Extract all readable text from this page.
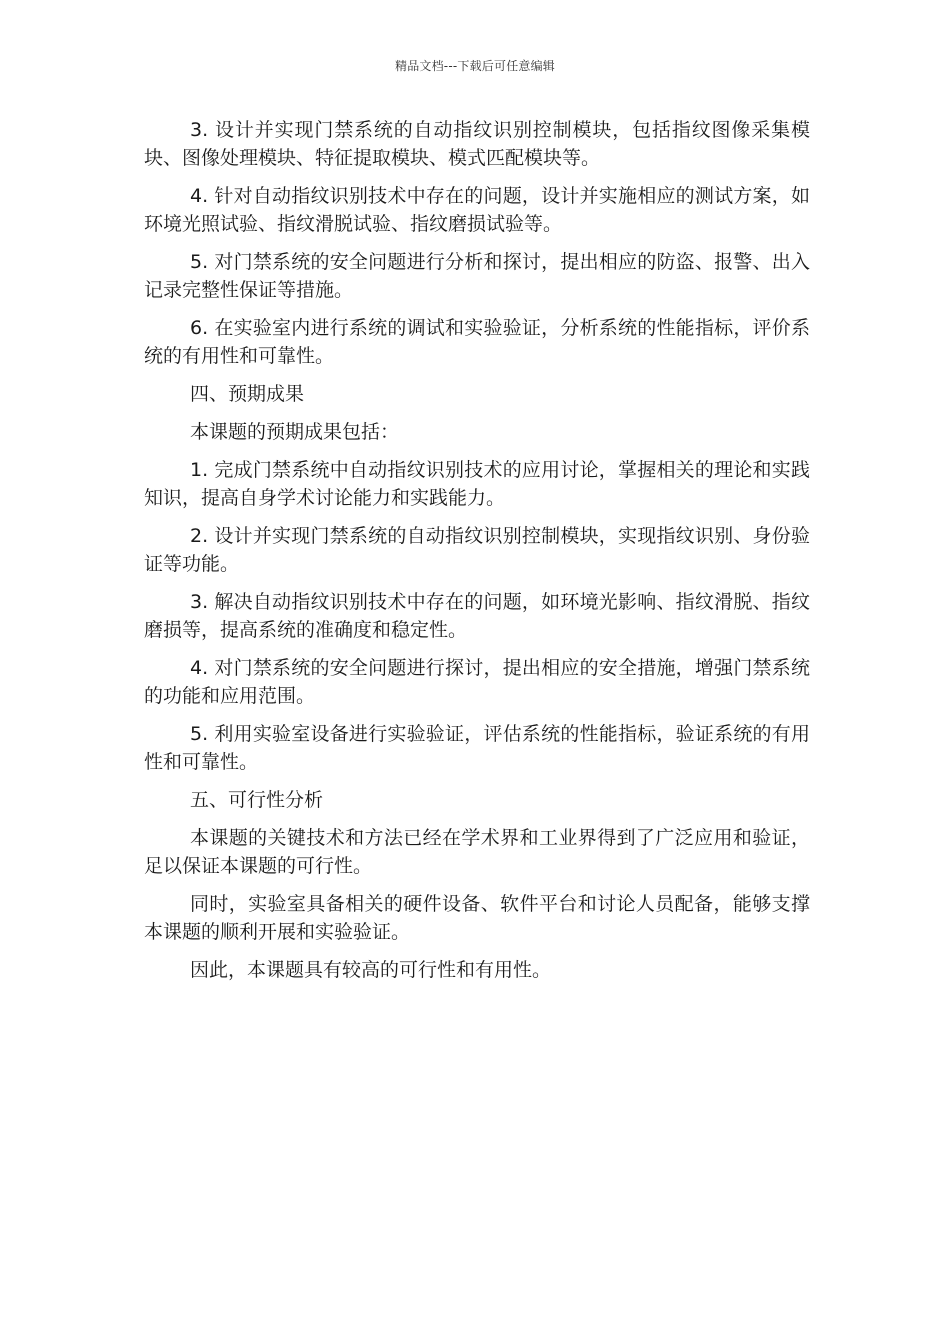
精品文档---下载后可任意编辑

3. 设计并实现门禁系统的自动指纹识别控制模块，包括指纹图像采集模块、图像处理模块、特征提取模块、模式匹配模块等。

4. 针对自动指纹识别技术中存在的问题，设计并实施相应的测试方案，如环境光照试验、指纹滑脱试验、指纹磨损试验等。

5. 对门禁系统的安全问题进行分析和探讨，提出相应的防盗、报警、出入记录完整性保证等措施。

6. 在实验室内进行系统的调试和实验验证，分析系统的性能指标，评价系统的有用性和可靠性。

四、预期成果

本课题的预期成果包括：

1. 完成门禁系统中自动指纹识别技术的应用讨论，掌握相关的理论和实践知识，提高自身学术讨论能力和实践能力。

2. 设计并实现门禁系统的自动指纹识别控制模块，实现指纹识别、身份验证等功能。

3. 解决自动指纹识别技术中存在的问题，如环境光影响、指纹滑脱、指纹磨损等，提高系统的准确度和稳定性。

4. 对门禁系统的安全问题进行探讨，提出相应的安全措施，增强门禁系统的功能和应用范围。

5. 利用实验室设备进行实验验证，评估系统的性能指标，验证系统的有用性和可靠性。

五、可行性分析

本课题的关键技术和方法已经在学术界和工业界得到了广泛应用和验证，足以保证本课题的可行性。

同时，实验室具备相关的硬件设备、软件平台和讨论人员配备，能够支撑本课题的顺利开展和实验验证。

因此，本课题具有较高的可行性和有用性。
